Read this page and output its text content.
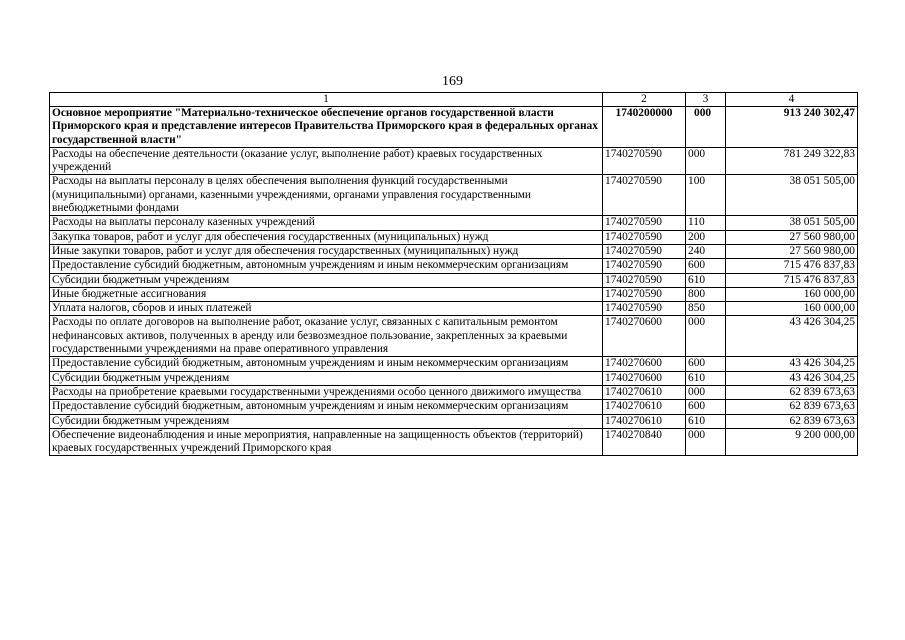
169
1	2	3	4
Основное мероприятие "Материально-техническое обеспечение органов государственной власти Приморского края и представление интересов Правительства Приморского края в федеральных органах государственной власти"	1740200000	000	913 240 302,47
Расходы на обеспечение деятельности (оказание услуг, выполнение работ) краевых государственных учреждений	1740270590	000	781 249 322,83
Расходы на выплаты персоналу в целях обеспечения выполнения функций государственными (муниципальными) органами, казенными учреждениями, органами управления государственными внебюджетными фондами	1740270590	100	38 051 505,00
Расходы на выплаты персоналу казенных учреждений	1740270590	110	38 051 505,00
Закупка товаров, работ и услуг для обеспечения государственных (муниципальных) нужд	1740270590	200	27 560 980,00
Иные закупки товаров, работ и услуг для обеспечения государственных (муниципальных) нужд	1740270590	240	27 560 980,00
Предоставление субсидий бюджетным, автономным учреждениям и иным некоммерческим организациям	1740270590	600	715 476 837,83
Субсидии бюджетным учреждениям	1740270590	610	715 476 837,83
Иные бюджетные ассигнования	1740270590	800	160 000,00
Уплата налогов, сборов и иных платежей	1740270590	850	160 000,00
Расходы по оплате договоров на выполнение работ, оказание услуг, связанных с капитальным ремонтом нефинансовых активов, полученных в аренду или безвозмездное пользование, закрепленных за краевыми государственными учреждениями на праве оперативного управления	1740270600	000	43 426 304,25
Предоставление субсидий бюджетным, автономным учреждениям и иным некоммерческим организациям	1740270600	600	43 426 304,25
Субсидии бюджетным учреждениям	1740270600	610	43 426 304,25
Расходы на приобретение краевыми государственными учреждениями особо ценного движимого имущества	1740270610	000	62 839 673,63
Предоставление субсидий бюджетным, автономным учреждениям и иным некоммерческим организациям	1740270610	600	62 839 673,63
Субсидии бюджетным учреждениям	1740270610	610	62 839 673,63
Обеспечение видеонаблюдения и иные мероприятия, направленные на защищенность объектов (территорий) краевых государственных учреждений Приморского края	1740270840	000	9 200 000,00
